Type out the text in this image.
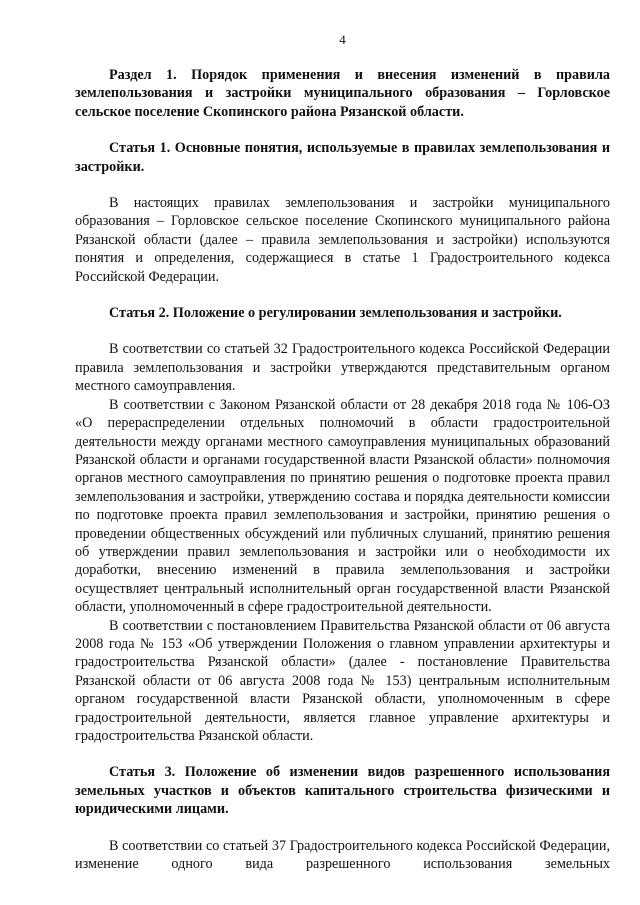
4

Раздел 1. Порядок применения и внесения изменений в правила землепользования и застройки муниципального образования – Горловское сельское поселение Скопинского района Рязанской области.

Статья 1. Основные понятия, используемые в правилах землепользования и застройки.

В настоящих правилах землепользования и застройки муниципального образования – Горловское сельское поселение Скопинского муниципального района Рязанской области (далее – правила землепользования и застройки) используются понятия и определения, содержащиеся в статье 1 Градостроительного кодекса Российской Федерации.

Статья 2. Положение о регулировании землепользования и застройки.

В соответствии со статьей 32 Градостроительного кодекса Российской Федерации правила землепользования и застройки утверждаются представительным органом местного самоуправления.

В соответствии с Законом Рязанской области от 28 декабря 2018 года № 106-ОЗ «О перераспределении отдельных полномочий в области градостроительной деятельности между органами местного самоуправления муниципальных образований Рязанской области и органами государственной власти Рязанской области» полномочия органов местного самоуправления по принятию решения о подготовке проекта правил землепользования и застройки, утверждению состава и порядка деятельности комиссии по подготовке проекта правил землепользования и застройки, принятию решения о проведении общественных обсуждений или публичных слушаний, принятию решения об утверждении правил землепользования и застройки или о необходимости их доработки, внесению изменений в правила землепользования и застройки осуществляет центральный исполнительный орган государственной власти Рязанской области, уполномоченный в сфере градостроительной деятельности.

В соответствии с постановлением Правительства Рязанской области от 06 августа 2008 года № 153 «Об утверждении Положения о главном управлении архитектуры и градостроительства Рязанской области» (далее - постановление Правительства Рязанской области от 06 августа 2008 года № 153) центральным исполнительным органом государственной власти Рязанской области, уполномоченным в сфере градостроительной деятельности, является главное управление архитектуры и градостроительства Рязанской области.

Статья 3. Положение об изменении видов разрешенного использования земельных участков и объектов капитального строительства физическими и юридическими лицами.

В соответствии со статьей 37 Градостроительного кодекса Российской Федерации, изменение одного вида разрешенного использования земельных
